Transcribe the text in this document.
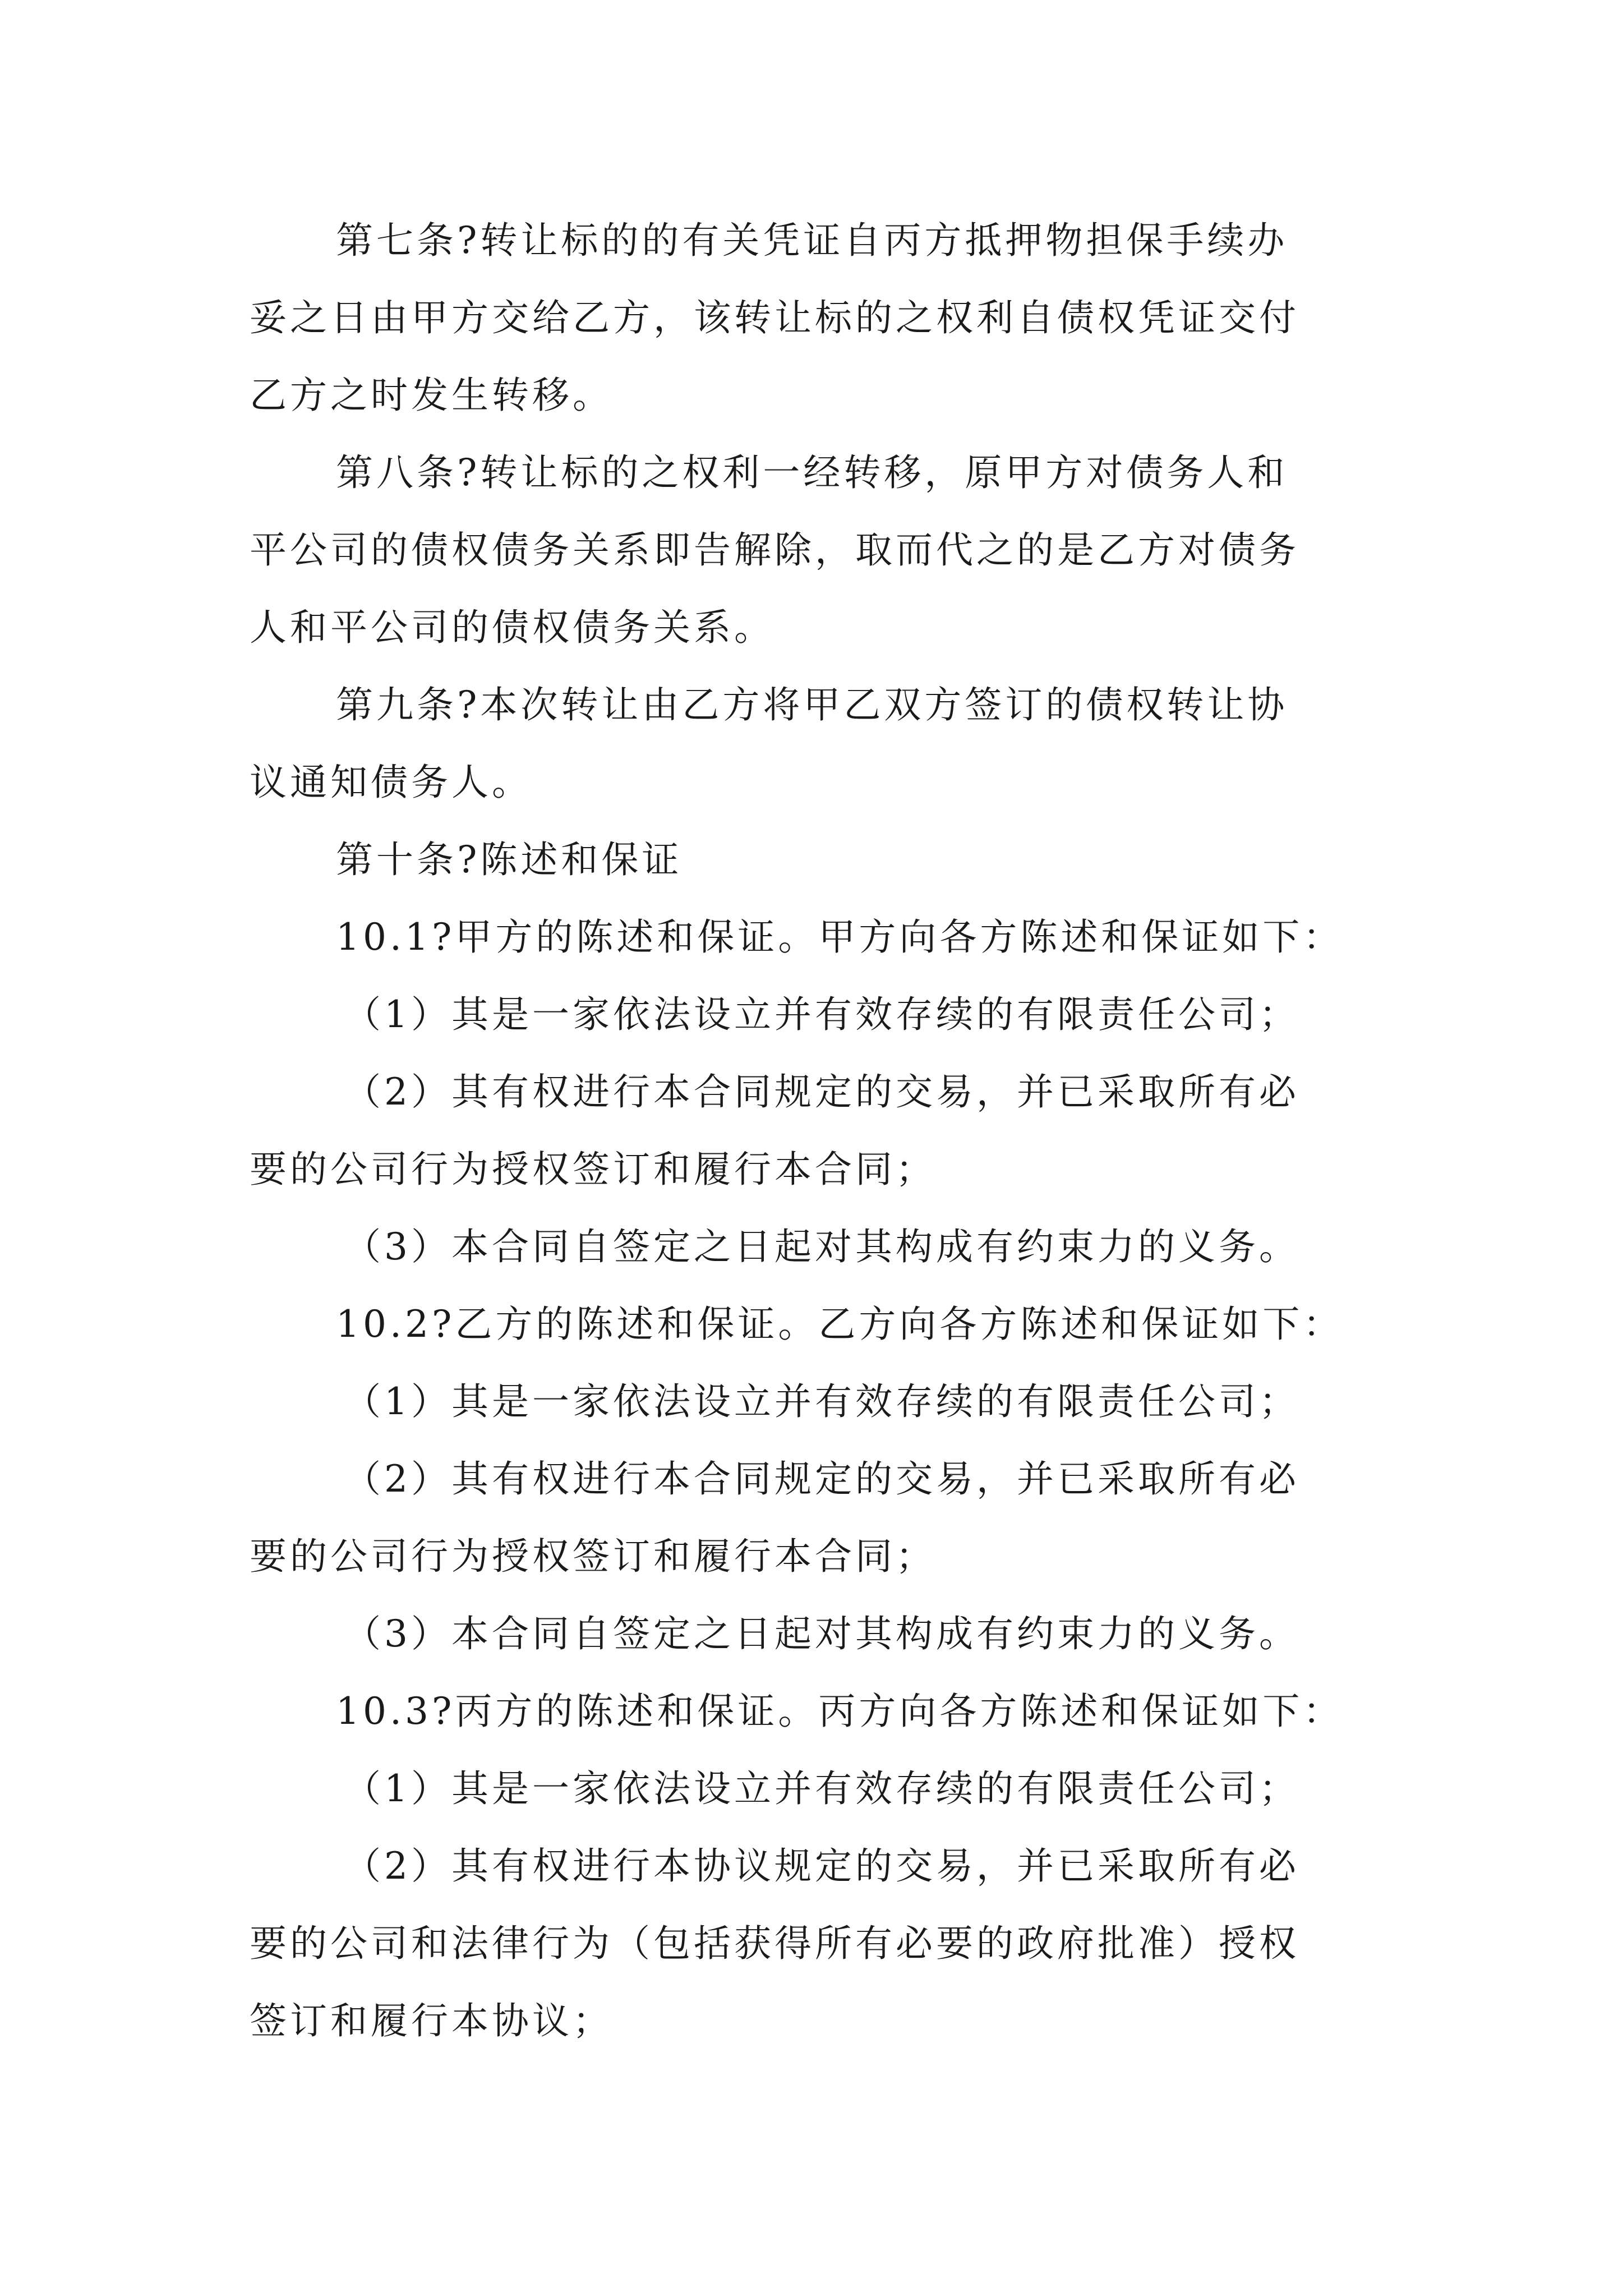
第七条?转让标的的有关凭证自丙方抵押物担保手续办
妥之日由甲方交给乙方，该转让标的之权利自债权凭证交付
乙方之时发生转移。
第八条?转让标的之权利一经转移，原甲方对债务人和
平公司的债权债务关系即告解除，取而代之的是乙方对债务
人和平公司的债权债务关系。
第九条?本次转让由乙方将甲乙双方签订的债权转让协
议通知债务人。
第十条?陈述和保证
10.1?甲方的陈述和保证。甲方向各方陈述和保证如下：
（1）其是一家依法设立并有效存续的有限责任公司；
（2）其有权进行本合同规定的交易，并已采取所有必
要的公司行为授权签订和履行本合同；
（3）本合同自签定之日起对其构成有约束力的义务。
10.2?乙方的陈述和保证。乙方向各方陈述和保证如下：
（1）其是一家依法设立并有效存续的有限责任公司；
（2）其有权进行本合同规定的交易，并已采取所有必
要的公司行为授权签订和履行本合同；
（3）本合同自签定之日起对其构成有约束力的义务。
10.3?丙方的陈述和保证。丙方向各方陈述和保证如下：
（1）其是一家依法设立并有效存续的有限责任公司；
（2）其有权进行本协议规定的交易，并已采取所有必
要的公司和法律行为（包括获得所有必要的政府批准）授权
签订和履行本协议；
